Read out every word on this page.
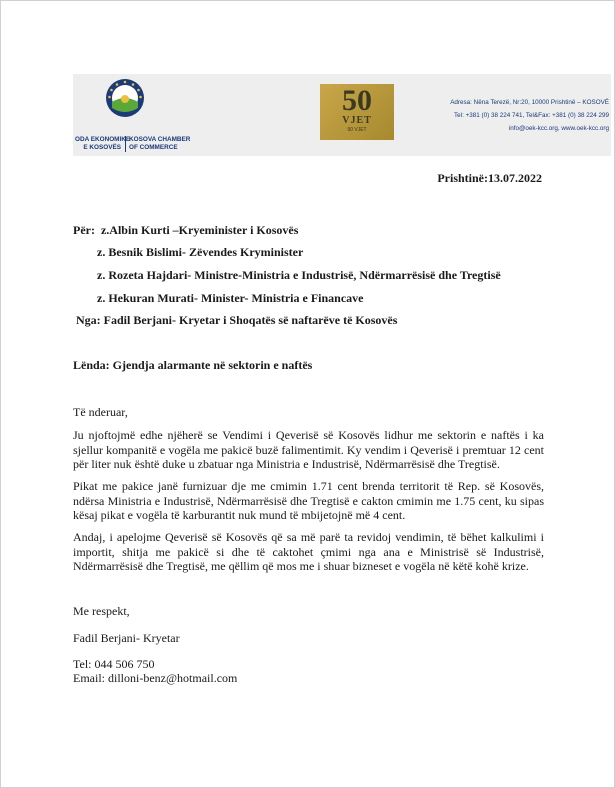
ODA EKONOMIKE
E KOSOVËS
KOSOVA CHAMBER
OF COMMERCE
50
VJET
90 VJET
Adresa: Nëna Terezë, Nr:20, 10000 Prishtinë – KOSOVË
Tel: +381 (0) 38 224 741, Tel&Fax: +381 (0) 38 224 299
info@oek-kcc.org, www.oek-kcc.org
Prishtinë:13.07.2022
Për: z.Albin Kurti –Kryeminister i Kosovës
z. Besnik Bislimi- Zëvendes Kryminister
z. Rozeta Hajdari- Ministre-Ministria e Industrisë, Ndërmarrësisë dhe Tregtisë
z. Hekuran Murati- Minister- Ministria e Financave
Nga: Fadil Berjani- Kryetar i Shoqatës së naftarëve të Kosovës
Lënda: Gjendja alarmante në sektorin e naftës
Të nderuar,
Ju njoftojmë edhe njëherë se Vendimi i Qeverisë së Kosovës lidhur me sektorin e naftës i ka sjellur kompanitë e vogëla me pakicë buzë falimentimit. Ky vendim i Qeverisë i premtuar 12 cent për liter nuk është duke u zbatuar nga Ministria e Industrisë, Ndërmarrësisë dhe Tregtisë.
Pikat me pakice janë furnizuar dje me cmimin 1.71 cent brenda territorit të Rep. së Kosovës, ndërsa Ministria e Industrisë, Ndërmarrësisë dhe Tregtisë e cakton cmimin me 1.75 cent, ku sipas kësaj pikat e vogëla të karburantit nuk mund të mbijetojnë më 4 cent.
Andaj, i apelojme Qeverisë së Kosovës që sa më parë ta revidoj vendimin, të bëhet kalkulimi i importit, shitja me pakicë si dhe të caktohet çmimi nga ana e Ministrisë së Industrisë, Ndërmarrësisë dhe Tregtisë, me qëllim që mos me i shuar bizneset e vogëla në këtë kohë krize.
Me respekt,
Fadil Berjani- Kryetar
Tel: 044 506 750
Email: dilloni-benz@hotmail.com
